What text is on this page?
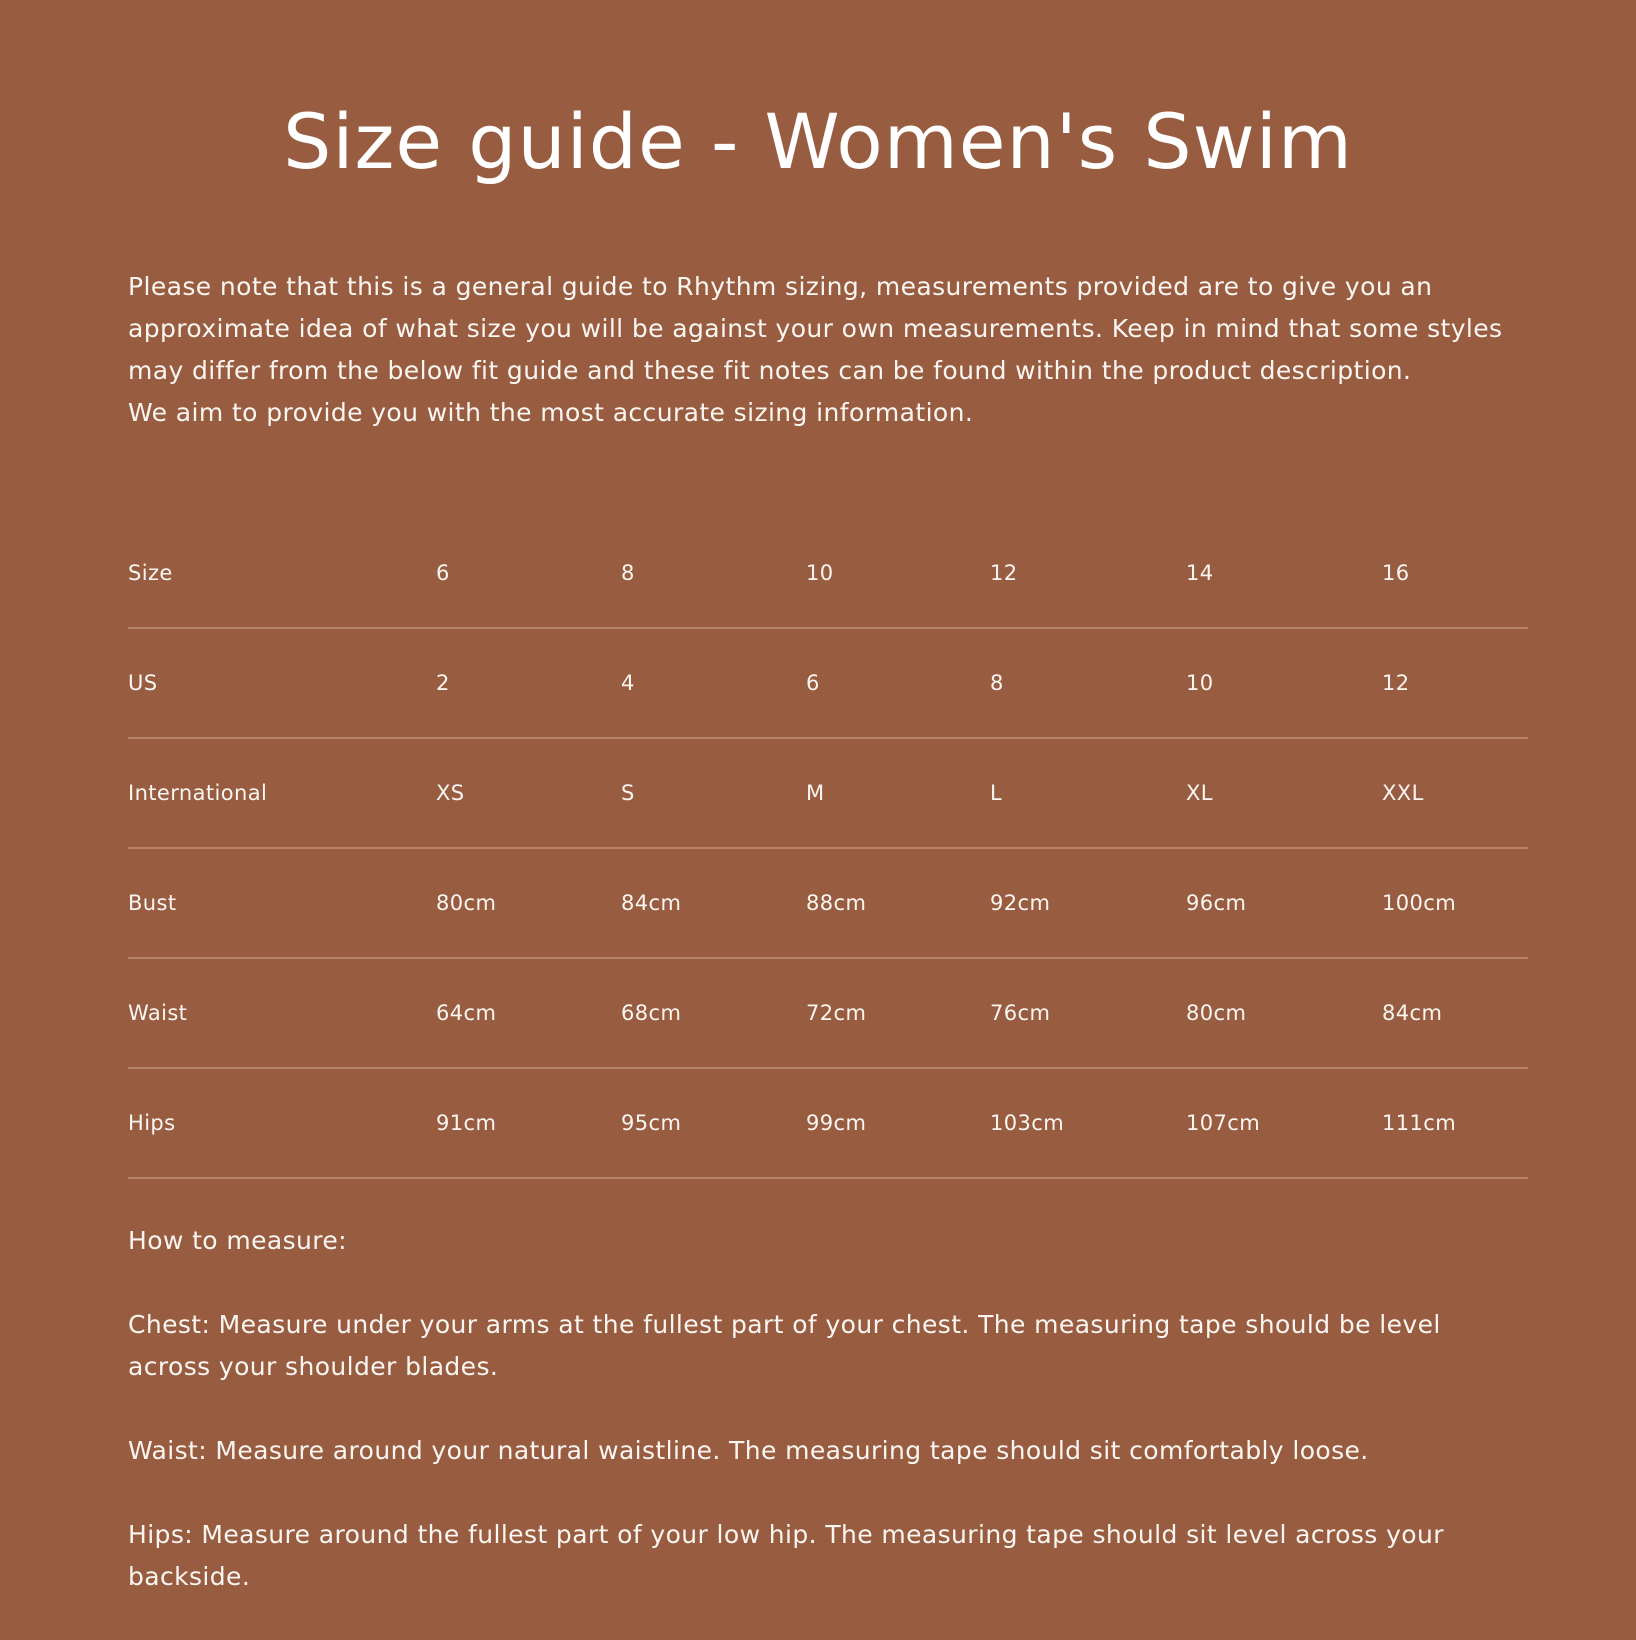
Size guide - Women's Swim

Please note that this is a general guide to Rhythm sizing, measurements provided are to give you an approximate idea of what size you will be against your own measurements. Keep in mind that some styles may differ from the below fit guide and these fit notes can be found within the product description.

We aim to provide you with the most accurate sizing information.

Size	6	8	10	12	14	16
US	2	4	6	8	10	12
International	XS	S	M	L	XL	XXL
Bust	80cm	84cm	88cm	92cm	96cm	100cm
Waist	64cm	68cm	72cm	76cm	80cm	84cm
Hips	91cm	95cm	99cm	103cm	107cm	111cm

How to measure:

Chest: Measure under your arms at the fullest part of your chest. The measuring tape should be level across your shoulder blades.

Waist: Measure around your natural waistline. The measuring tape should sit comfortably loose.

Hips: Measure around the fullest part of your low hip. The measuring tape should sit level across your backside.
